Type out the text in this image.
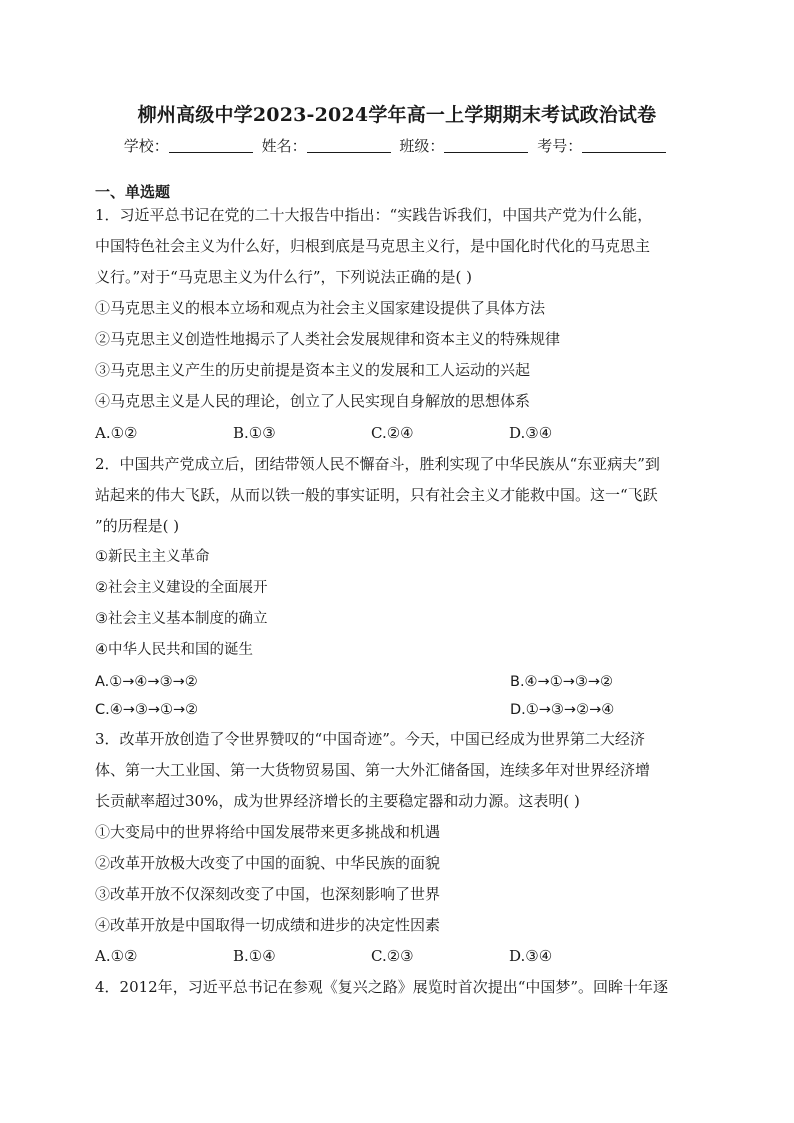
柳州高级中学2023-2024学年高一上学期期末考试政治试卷
学校：	姓名：	班级：	考号：
一、单选题
1．习近平总书记在党的二十大报告中指出：“实践告诉我们，中国共产党为什么能，
中国特色社会主义为什么好，归根到底是马克思主义行，是中国化时代化的马克思主
义行。”对于“马克思主义为什么行”，下列说法正确的是( )
①马克思主义的根本立场和观点为社会主义国家建设提供了具体方法
②马克思主义创造性地揭示了人类社会发展规律和资本主义的特殊规律
③马克思主义产生的历史前提是资本主义的发展和工人运动的兴起
④马克思主义是人民的理论，创立了人民实现自身解放的思想体系
A.①②	B.①③	C.②④	D.③④
2．中国共产党成立后，团结带领人民不懈奋斗，胜利实现了中华民族从“东亚病夫”到
站起来的伟大飞跃，从而以铁一般的事实证明，只有社会主义才能救中国。这一“飞跃
”的历程是( )
①新民主主义革命
②社会主义建设的全面展开
③社会主义基本制度的确立
④中华人民共和国的诞生
A.①→④→③→②	B.④→①→③→②
C.④→③→①→②	D.①→③→②→④
3．改革开放创造了令世界赞叹的“中国奇迹”。今天，中国已经成为世界第二大经济
体、第一大工业国、第一大货物贸易国、第一大外汇储备国，连续多年对世界经济增
长贡献率超过30%，成为世界经济增长的主要稳定器和动力源。这表明( )
①大变局中的世界将给中国发展带来更多挑战和机遇
②改革开放极大改变了中国的面貌、中华民族的面貌
③改革开放不仅深刻改变了中国，也深刻影响了世界
④改革开放是中国取得一切成绩和进步的决定性因素
A.①②	B.①④	C.②③	D.③④
4．2012年，习近平总书记在参观《复兴之路》展览时首次提出“中国梦”。回眸十年逐
